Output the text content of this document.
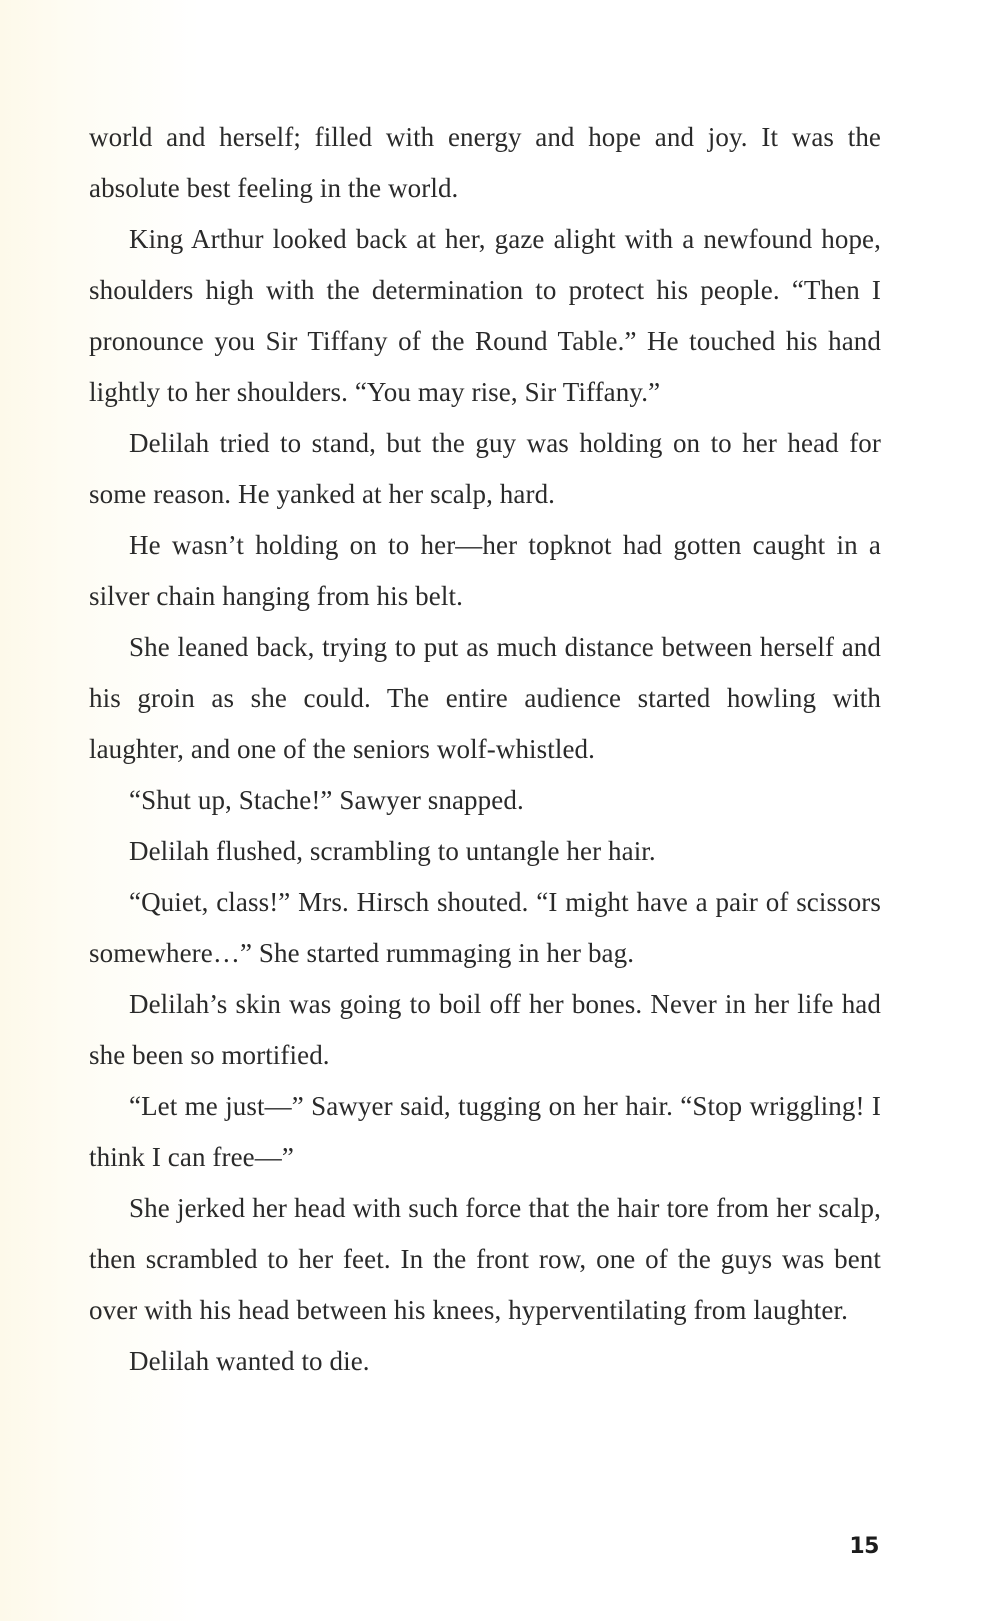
world and herself; filled with energy and hope and joy. It was the absolute best feeling in the world.

King Arthur looked back at her, gaze alight with a newfound hope, shoulders high with the determination to protect his people. “Then I pronounce you Sir Tiffany of the Round Table.” He touched his hand lightly to her shoulders. “You may rise, Sir Tiffany.”

Delilah tried to stand, but the guy was holding on to her head for some reason. He yanked at her scalp, hard.

He wasn’t holding on to her—her topknot had gotten caught in a silver chain hanging from his belt.

She leaned back, trying to put as much distance between herself and his groin as she could. The entire audience started howling with laughter, and one of the seniors wolf-whistled.

“Shut up, Stache!” Sawyer snapped.

Delilah flushed, scrambling to untangle her hair.

“Quiet, class!” Mrs. Hirsch shouted. “I might have a pair of scissors somewhere…” She started rummaging in her bag.

Delilah’s skin was going to boil off her bones. Never in her life had she been so mortified.

“Let me just—” Sawyer said, tugging on her hair. “Stop wriggling! I think I can free—”

She jerked her head with such force that the hair tore from her scalp, then scrambled to her feet. In the front row, one of the guys was bent over with his head between his knees, hyperventilating from laughter.

Delilah wanted to die.

15
